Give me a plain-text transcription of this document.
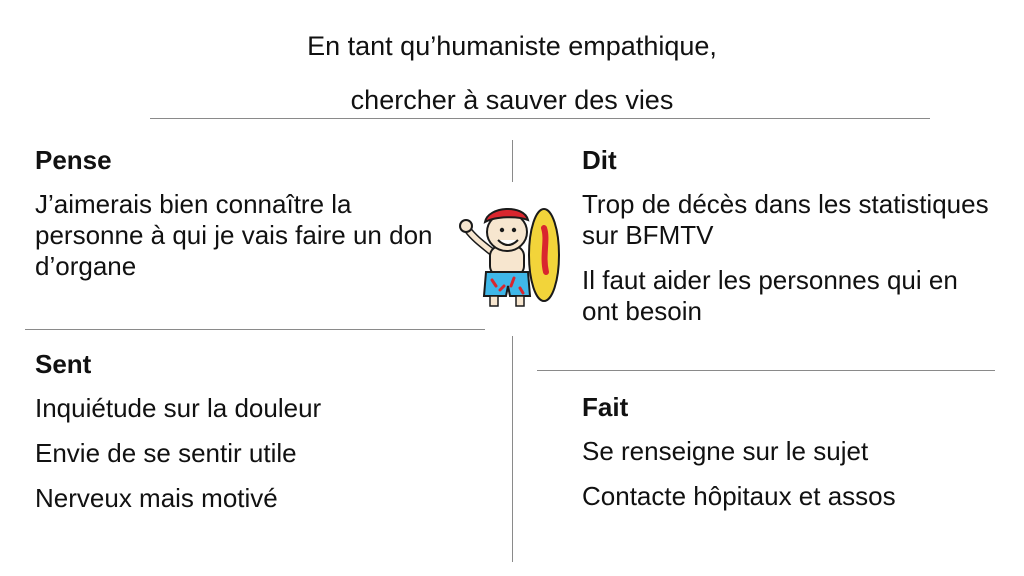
En tant qu’humaniste empathique,
chercher à sauver des vies
Pense
J’aimerais bien connaître la personne à qui je vais faire un don d’organe
Dit
Trop de décès dans les statistiques sur BFMTV
Il faut aider les personnes qui en ont besoin
Sent
Inquiétude sur la douleur
Envie de se sentir utile
Nerveux mais motivé
Fait
Se renseigne sur le sujet
Contacte hôpitaux et assos
